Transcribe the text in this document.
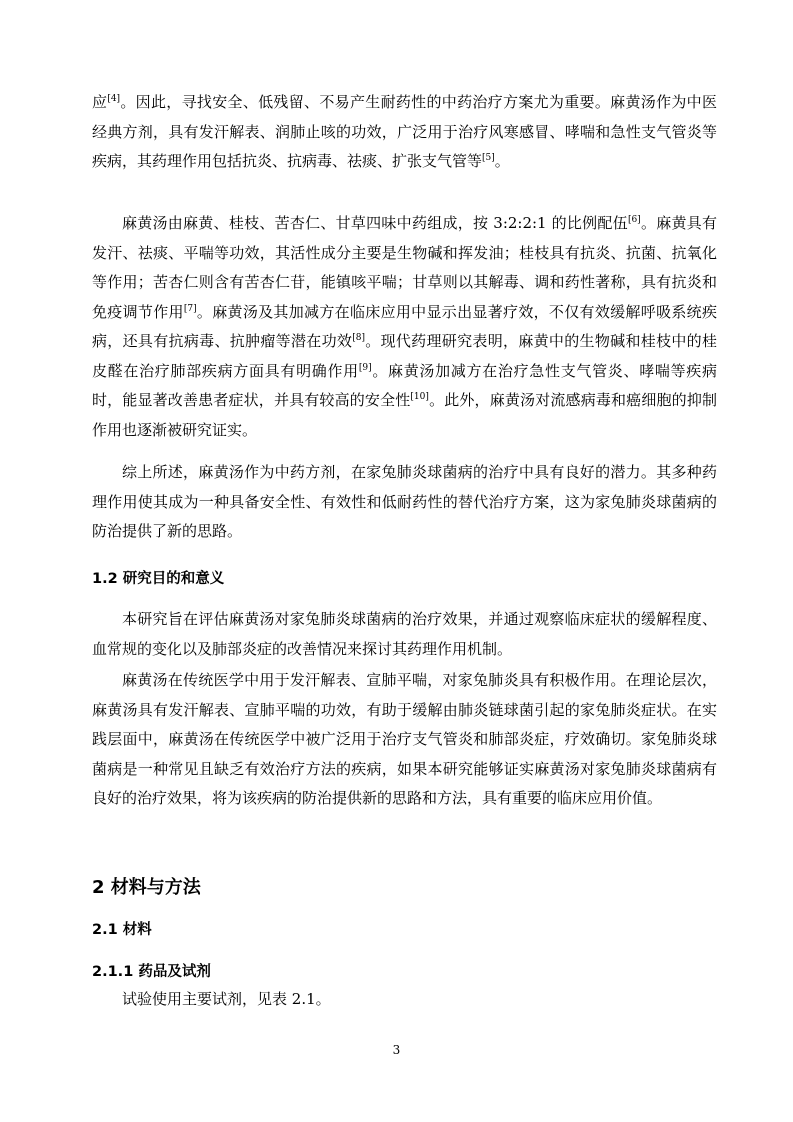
应[4]。因此，寻找安全、低残留、不易产生耐药性的中药治疗方案尤为重要。麻黄汤作为中医经典方剂，具有发汗解表、润肺止咳的功效，广泛用于治疗风寒感冒、哮喘和急性支气管炎等疾病，其药理作用包括抗炎、抗病毒、祛痰、扩张支气管等[5]。

麻黄汤由麻黄、桂枝、苦杏仁、甘草四味中药组成，按 3:2:2:1 的比例配伍[6]。麻黄具有发汗、祛痰、平喘等功效，其活性成分主要是生物碱和挥发油；桂枝具有抗炎、抗菌、抗氧化等作用；苦杏仁则含有苦杏仁苷，能镇咳平喘；甘草则以其解毒、调和药性著称，具有抗炎和免疫调节作用[7]。麻黄汤及其加减方在临床应用中显示出显著疗效，不仅有效缓解呼吸系统疾病，还具有抗病毒、抗肿瘤等潜在功效[8]。现代药理研究表明，麻黄中的生物碱和桂枝中的桂皮醛在治疗肺部疾病方面具有明确作用[9]。麻黄汤加减方在治疗急性支气管炎、哮喘等疾病时，能显著改善患者症状，并具有较高的安全性[10]。此外，麻黄汤对流感病毒和癌细胞的抑制作用也逐渐被研究证实。

综上所述，麻黄汤作为中药方剂，在家兔肺炎球菌病的治疗中具有良好的潜力。其多种药理作用使其成为一种具备安全性、有效性和低耐药性的替代治疗方案，这为家兔肺炎球菌病的防治提供了新的思路。

1.2 研究目的和意义

本研究旨在评估麻黄汤对家兔肺炎球菌病的治疗效果，并通过观察临床症状的缓解程度、血常规的变化以及肺部炎症的改善情况来探讨其药理作用机制。

麻黄汤在传统医学中用于发汗解表、宣肺平喘，对家兔肺炎具有积极作用。在理论层次，麻黄汤具有发汗解表、宣肺平喘的功效，有助于缓解由肺炎链球菌引起的家兔肺炎症状。在实践层面中，麻黄汤在传统医学中被广泛用于治疗支气管炎和肺部炎症，疗效确切。家兔肺炎球菌病是一种常见且缺乏有效治疗方法的疾病，如果本研究能够证实麻黄汤对家兔肺炎球菌病有良好的治疗效果，将为该疾病的防治提供新的思路和方法，具有重要的临床应用价值。

2 材料与方法
2.1 材料
2.1.1 药品及试剂

试验使用主要试剂，见表 2.1。

3
